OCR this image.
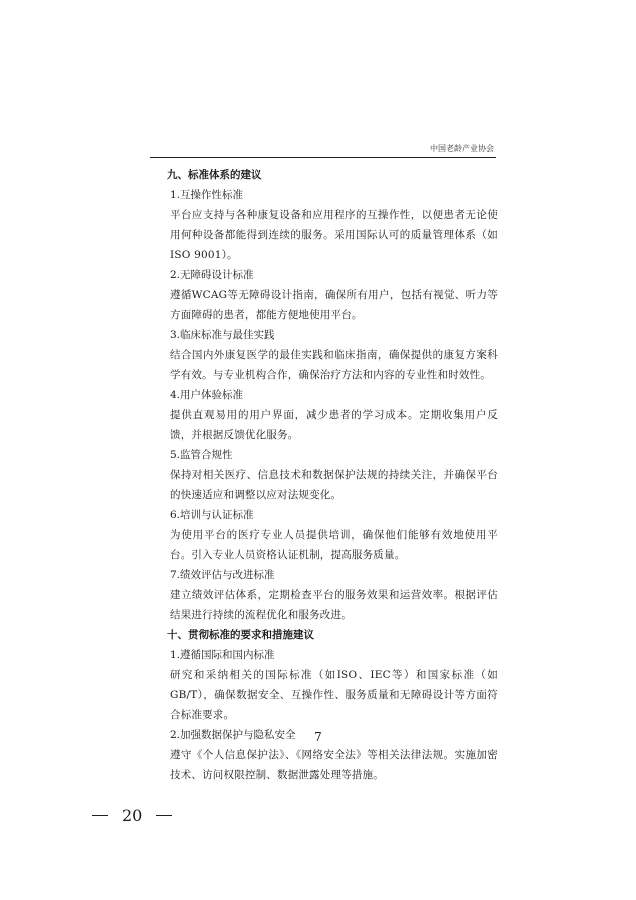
中国老龄产业协会

九、标准体系的建议

1.互操作性标准

平台应支持与各种康复设备和应用程序的互操作性，以便患者无论使用何种设备都能得到连续的服务。采用国际认可的质量管理体系（如ISO 9001）。

2.无障碍设计标准

遵循WCAG等无障碍设计指南，确保所有用户，包括有视觉、听力等方面障碍的患者，都能方便地使用平台。

3.临床标准与最佳实践

结合国内外康复医学的最佳实践和临床指南，确保提供的康复方案科学有效。与专业机构合作，确保治疗方法和内容的专业性和时效性。

4.用户体验标准

提供直观易用的用户界面，减少患者的学习成本。定期收集用户反馈，并根据反馈优化服务。

5.监管合规性

保持对相关医疗、信息技术和数据保护法规的持续关注，并确保平台的快速适应和调整以应对法规变化。

6.培训与认证标准

为使用平台的医疗专业人员提供培训，确保他们能够有效地使用平台。引入专业人员资格认证机制，提高服务质量。

7.绩效评估与改进标准

建立绩效评估体系，定期检查平台的服务效果和运营效率。根据评估结果进行持续的流程优化和服务改进。

十、贯彻标准的要求和措施建议

1.遵循国际和国内标准

研究和采纳相关的国际标准（如ISO、IEC等）和国家标准（如GB/T），确保数据安全、互操作性、服务质量和无障碍设计等方面符合标准要求。

2.加强数据保护与隐私安全

遵守《个人信息保护法》、《网络安全法》等相关法律法规。实施加密技术、访问权限控制、数据泄露处理等措施。

7
20
